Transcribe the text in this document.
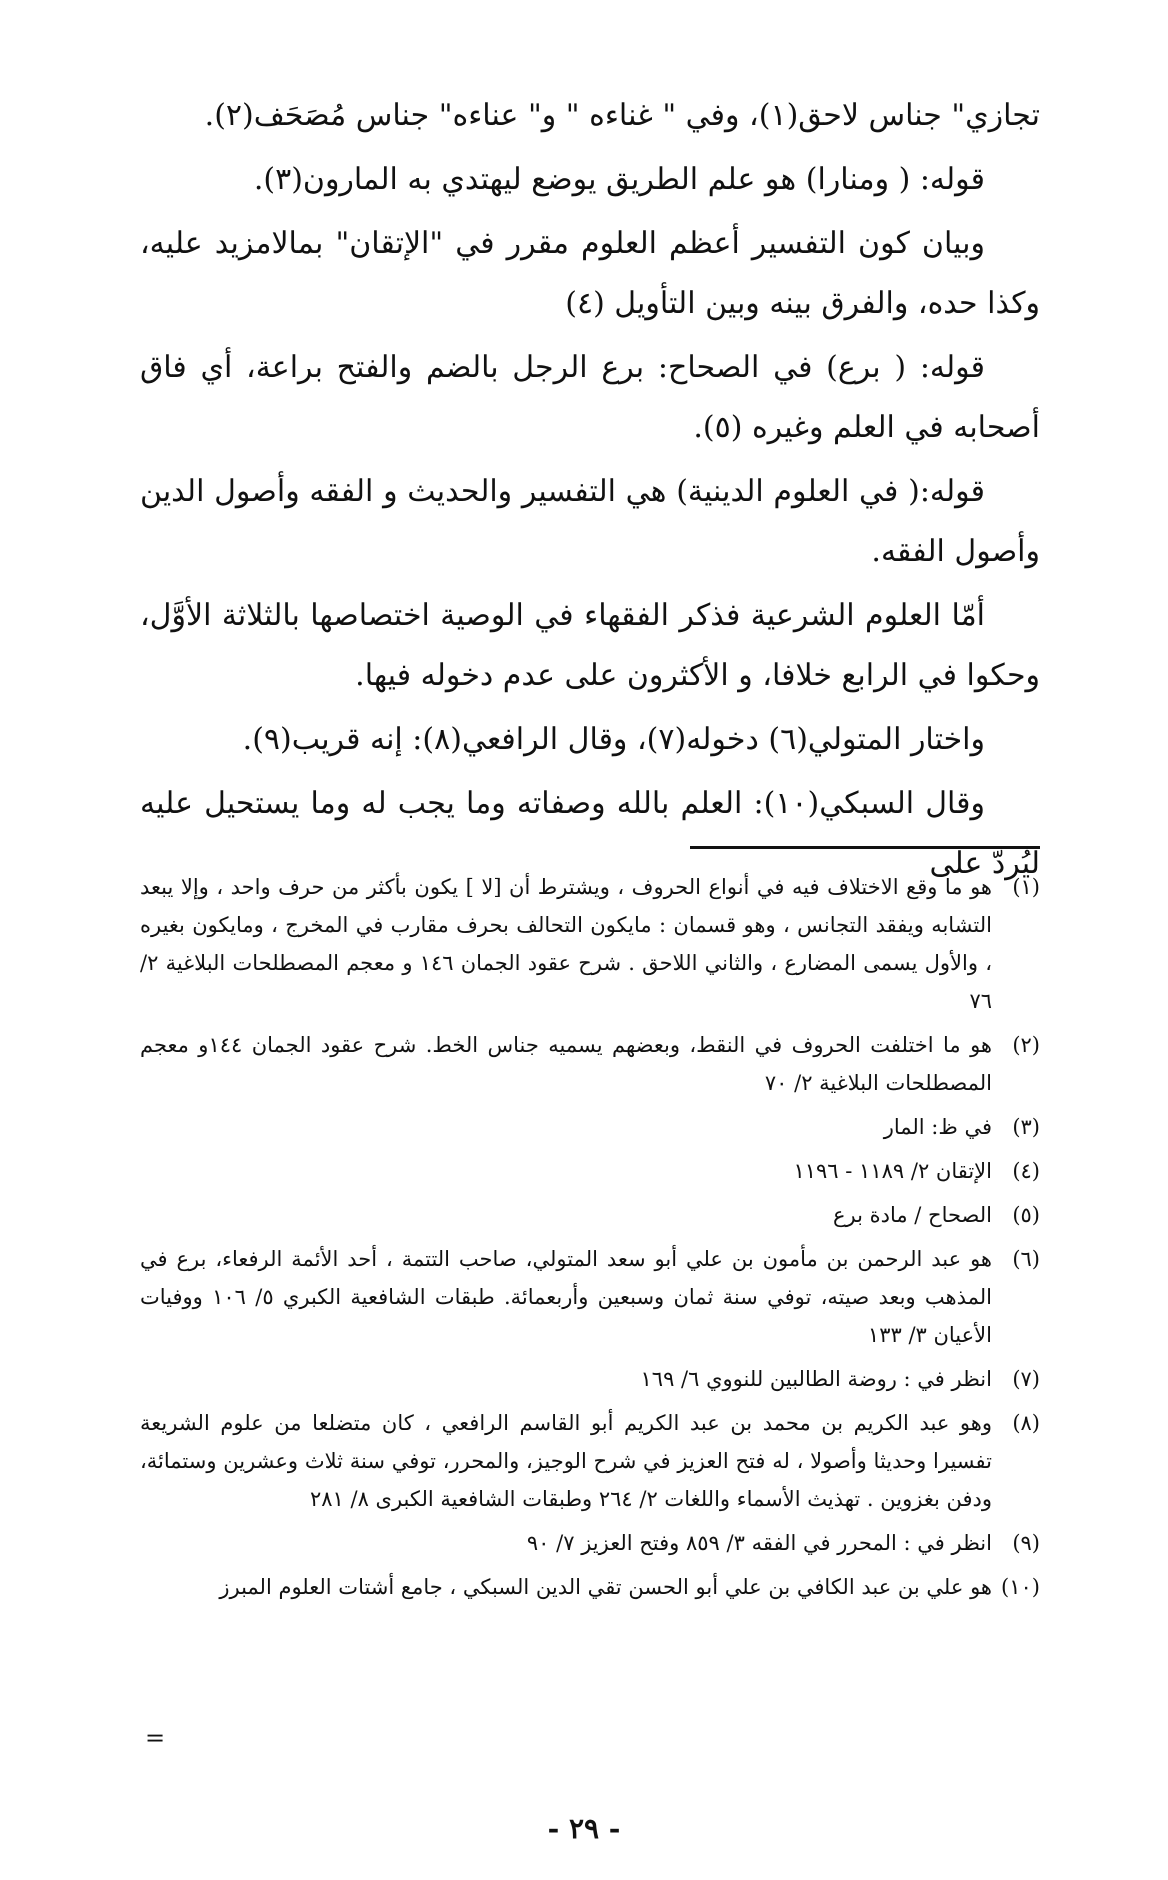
تجازي" جناس لاحق(١)، وفي " غناءه " و" عناءه" جناس مُصَحَف(٢).

قوله: ( ومنارا) هو علم الطريق يوضع ليهتدي به المارون(٣).

وبيان كون التفسير أعظم العلوم مقرر في "الإتقان" بمالامزيد عليه، وكذا حده، والفرق بينه وبين التأويل (٤)

قوله: ( برع) في الصحاح: برع الرجل بالضم والفتح براعة، أي فاق أصحابه في العلم وغيره (٥).

قوله:( في العلوم الدينية) هي التفسير والحديث و الفقه وأصول الدين وأصول الفقه.

أمّا العلوم الشرعية فذكر الفقهاء في الوصية اختصاصها بالثلاثة الأوَّل، وحكوا في الرابع خلافا، و الأكثرون على عدم دخوله فيها.

واختار المتولي(٦) دخوله(٧)، وقال الرافعي(٨): إنه قريب(٩).

وقال السبكي(١٠): العلم بالله وصفاته وما يجب له وما يستحيل عليه ليُردّ على

(١)
هو ما وقع الاختلاف فيه في أنواع الحروف ، ويشترط أن [لا ] يكون بأكثر من حرف واحد ، وإلا يبعد التشابه ويفقد التجانس ، وهو قسمان : مايكون التحالف بحرف مقارب في المخرج ، ومايكون بغيره ، والأول يسمى المضارع ، والثاني اللاحق . شرح عقود الجمان ١٤٦ و معجم المصطلحات البلاغية ٢/ ٧٦
(٢)
هو ما اختلفت الحروف في النقط، وبعضهم يسميه جناس الخط. شرح عقود الجمان ١٤٤و معجم المصطلحات البلاغية ٢/ ٧٠
(٣)
في ظ: المار
(٤)
الإتقان ٢/ ١١٨٩ - ١١٩٦
(٥)
الصحاح / مادة برع
(٦)
هو عبد الرحمن بن مأمون بن علي أبو سعد المتولي، صاحب التتمة ، أحد الأئمة الرفعاء، برع في المذهب وبعد صيته، توفي سنة ثمان وسبعين وأربعمائة. طبقات الشافعية الكبري ٥/ ١٠٦ ووفيات الأعيان ٣/ ١٣٣
(٧)
انظر في : روضة الطالبين للنووي ٦/ ١٦٩
(٨)
وهو عبد الكريم بن محمد بن عبد الكريم أبو القاسم الرافعي ، كان متضلعا من علوم الشريعة تفسيرا وحديثا وأصولا ، له فتح العزيز في شرح الوجيز، والمحرر، توفي سنة ثلاث وعشرين وستمائة، ودفن بغزوين . تهذيث الأسماء واللغات ٢/ ٢٦٤ وطبقات الشافعية الكبرى ٨/ ٢٨١
(٩)
انظر في : المحرر في الفقه ٣/ ٨٥٩ وفتح العزيز ٧/ ٩٠
(١٠)
هو علي بن عبد الكافي بن علي أبو الحسن تقي الدين السبكي ، جامع أشتات العلوم المبرز
=
- ٢٩ -
